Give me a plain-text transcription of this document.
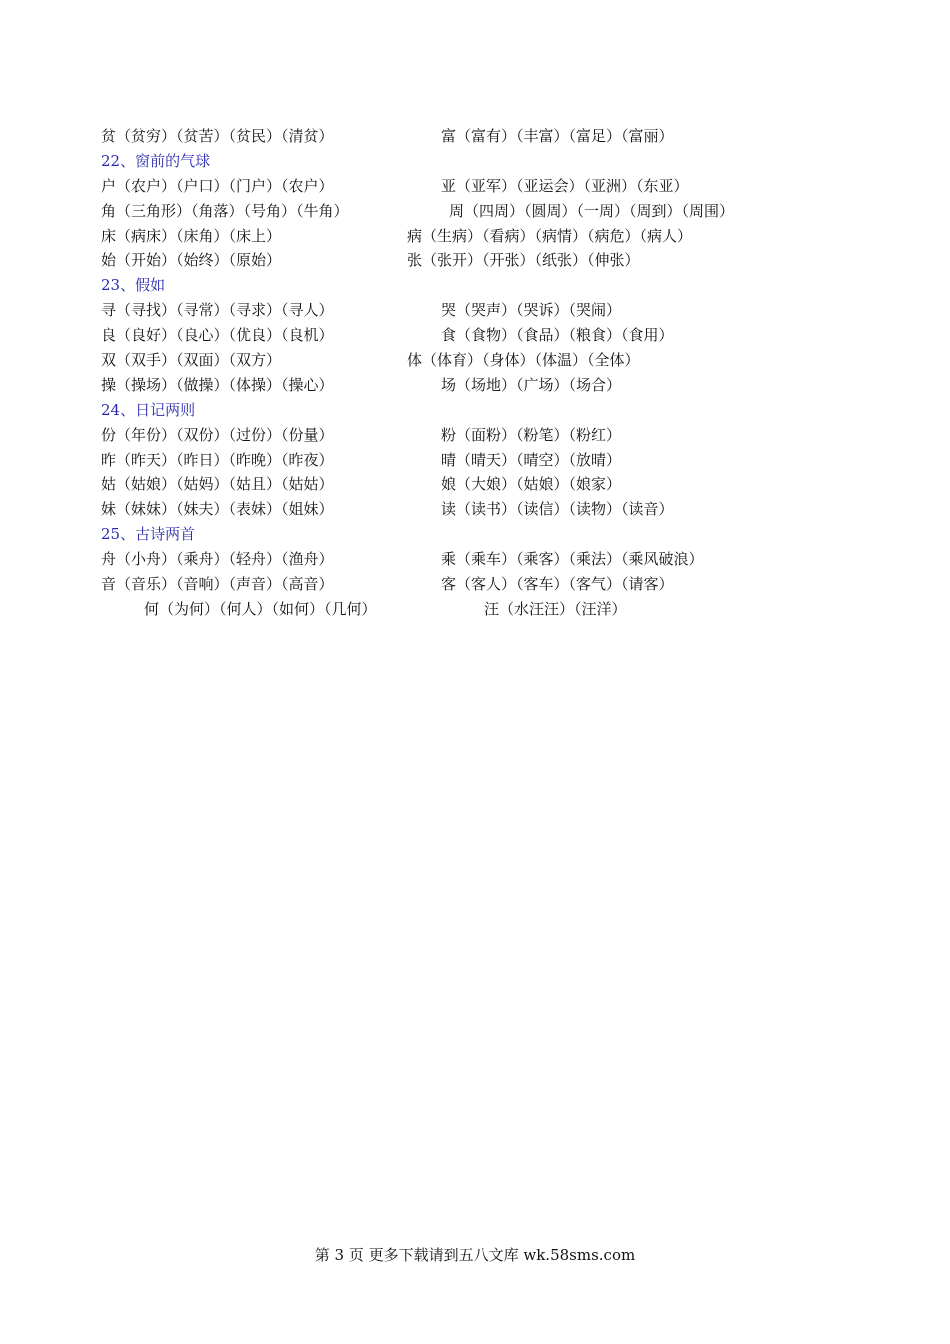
贫（贫穷）（贫苦）（贫民）（清贫）	富（富有）（丰富）（富足）（富丽）
22、窗前的气球
户（农户）（户口）（门户）（农户）	亚（亚军）（亚运会）（亚洲）（东亚）
角（三角形）（角落）（号角）（牛角）	周（四周）（圆周）（一周）（周到）（周围）
床（病床）（床角）（床上）	病（生病）（看病）（病情）（病危）（病人）
始（开始）（始终）（原始）	张（张开）（开张）（纸张）（伸张）
23、假如
寻（寻找）（寻常）（寻求）（寻人）	哭（哭声）（哭诉）（哭闹）
良（良好）（良心）（优良）（良机）	食（食物）（食品）（粮食）（食用）
双（双手）（双面）（双方）	体（体育）（身体）（体温）（全体）
操（操场）（做操）（体操）（操心）	场（场地）（广场）（场合）
24、日记两则
份（年份）（双份）（过份）（份量）	粉（面粉）（粉笔）（粉红）
昨（昨天）（昨日）（昨晚）（昨夜）	晴（晴天）（晴空）（放晴）
姑（姑娘）（姑妈）（姑且）（姑姑）	娘（大娘）（姑娘）（娘家）
妹（妹妹）（妹夫）（表妹）（姐妹）	读（读书）（读信）（读物）（读音）
25、古诗两首
舟（小舟）（乘舟）（轻舟）（渔舟）	乘（乘车）（乘客）（乘法）（乘风破浪）
音（音乐）（音响）（声音）（高音）	客（客人）（客车）（客气）（请客）
何（为何）（何人）（如何）（几何）	汪（水汪汪）（汪洋）
第 3 页 更多下载请到五八文库 wk.58sms.com
